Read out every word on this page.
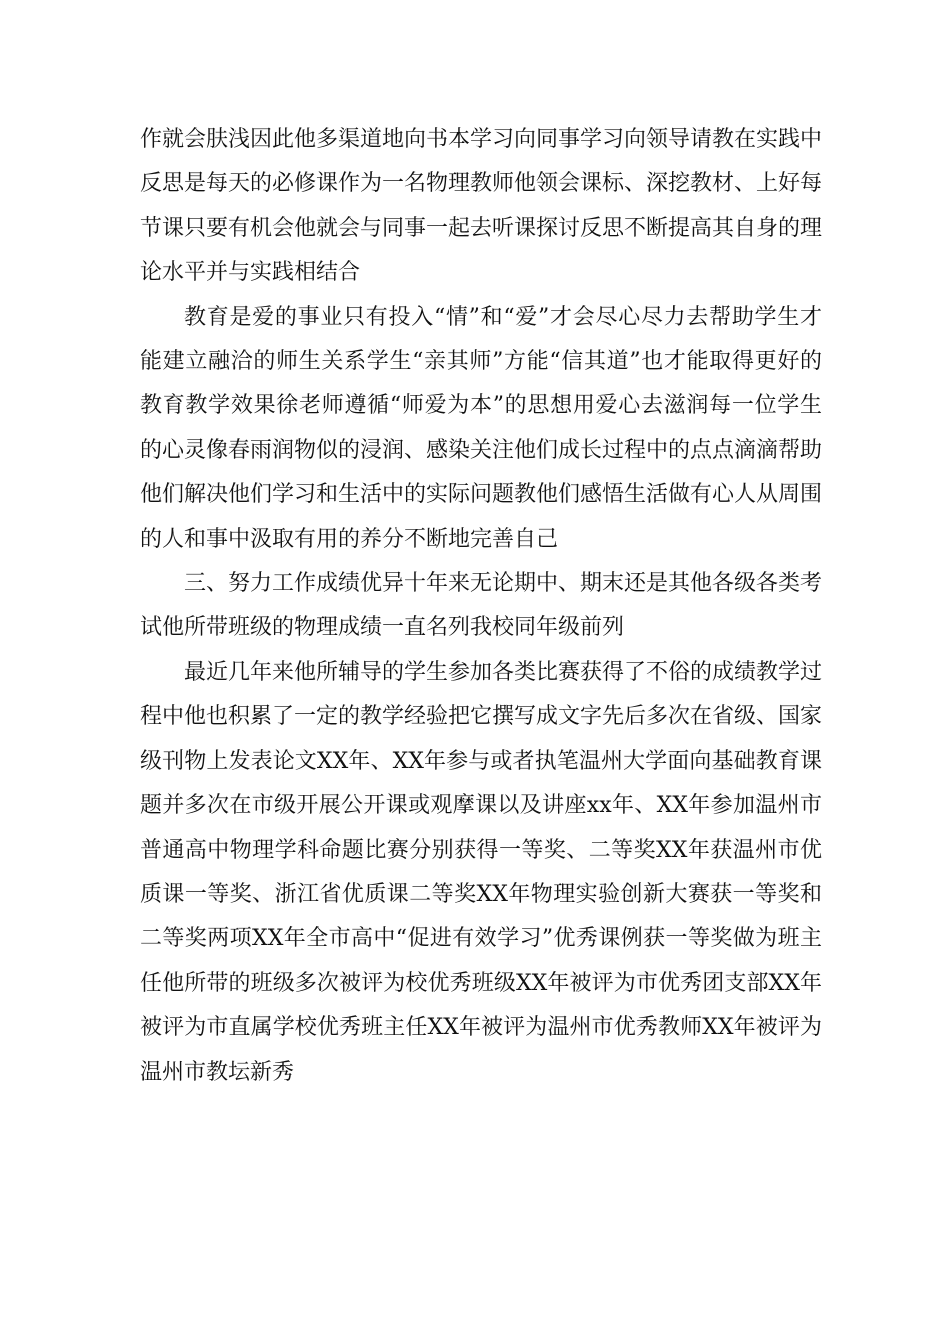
作就会肤浅因此他多渠道地向书本学习向同事学习向领导请教在实践中反思是每天的必修课作为一名物理教师他领会课标、深挖教材、上好每节课只要有机会他就会与同事一起去听课探讨反思不断提高其自身的理论水平并与实践相结合

教育是爱的事业只有投入“情”和“爱”才会尽心尽力去帮助学生才能建立融洽的师生关系学生“亲其师”方能“信其道”也才能取得更好的教育教学效果徐老师遵循“师爱为本”的思想用爱心去滋润每一位学生的心灵像春雨润物似的浸润、感染关注他们成长过程中的点点滴滴帮助他们解决他们学习和生活中的实际问题教他们感悟生活做有心人从周围的人和事中汲取有用的养分不断地完善自己

三、努力工作成绩优异十年来无论期中、期末还是其他各级各类考试他所带班级的物理成绩一直名列我校同年级前列

最近几年来他所辅导的学生参加各类比赛获得了不俗的成绩教学过程中他也积累了一定的教学经验把它撰写成文字先后多次在省级、国家级刊物上发表论文XX年、XX年参与或者执笔温州大学面向基础教育课题并多次在市级开展公开课或观摩课以及讲座xx年、XX年参加温州市普通高中物理学科命题比赛分别获得一等奖、二等奖XX年获温州市优质课一等奖、浙江省优质课二等奖XX年物理实验创新大赛获一等奖和二等奖两项XX年全市高中“促进有效学习”优秀课例获一等奖做为班主任他所带的班级多次被评为校优秀班级XX年被评为市优秀团支部XX年被评为市直属学校优秀班主任XX年被评为温州市优秀教师XX年被评为温州市教坛新秀
